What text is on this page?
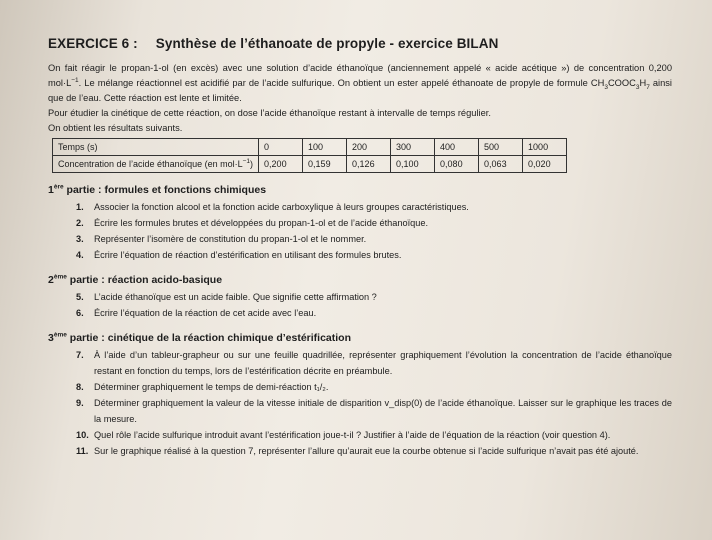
EXERCICE 6 : Synthèse de l’éthanoate de propyle - exercice BILAN

On fait réagir le propan-1-ol (en excès) avec une solution d’acide éthanoïque (anciennement appelé « acide acétique ») de concentration 0,200 $mol\cdot L^{-1}$. Le mélange réactionnel est acidifié par de l’acide sulfurique. On obtient un ester appelé éthanoate de propyle de formule $CH_3COOC_3H_7$ ainsi que de l’eau. Cette réaction est lente et limitée.

Pour étudier la cinétique de cette réaction, on dose l’acide éthanoïque restant à intervalle de temps régulier.

On obtient les résultats suivants.

Temps (s)	0	100	200	300	400	500	1000
Concentration de l’acide éthanoïque (en $mol\cdot L^{-1}$)	0,200	0,159	0,126	0,100	0,080	0,063	0,020
1ère partie : formules et fonctions chimiques
1. Associer la fonction alcool et la fonction acide carboxylique à leurs groupes caractéristiques.
2. Écrire les formules brutes et développées du propan-1-ol et de l’acide éthanoïque.
3. Représenter l’isomère de constitution du propan-1-ol et le nommer.
4. Écrire l’équation de réaction d’estérification en utilisant des formules brutes.
2ème partie : réaction acido-basique
5. L’acide éthanoïque est un acide faible. Que signifie cette affirmation ?
6. Écrire l’équation de la réaction de cet acide avec l’eau.
3ème partie : cinétique de la réaction chimique d’estérification
7. À l’aide d’un tableur-grapheur ou sur une feuille quadrillée, représenter graphiquement l’évolution la concentration de l’acide éthanoïque restant en fonction du temps, lors de l’estérification décrite en préambule.
8. Déterminer graphiquement le temps de demi-réaction t₁/₂.
9. Déterminer graphiquement la valeur de la vitesse initiale de disparition v_disp(0) de l’acide éthanoïque. Laisser sur le graphique les traces de la mesure.
10. Quel rôle l’acide sulfurique introduit avant l’estérification joue-t-il ? Justifier à l’aide de l’équation de la réaction (voir question 4).
11. Sur le graphique réalisé à la question 7, représenter l’allure qu’aurait eue la courbe obtenue si l’acide sulfurique n’avait pas été ajouté.
